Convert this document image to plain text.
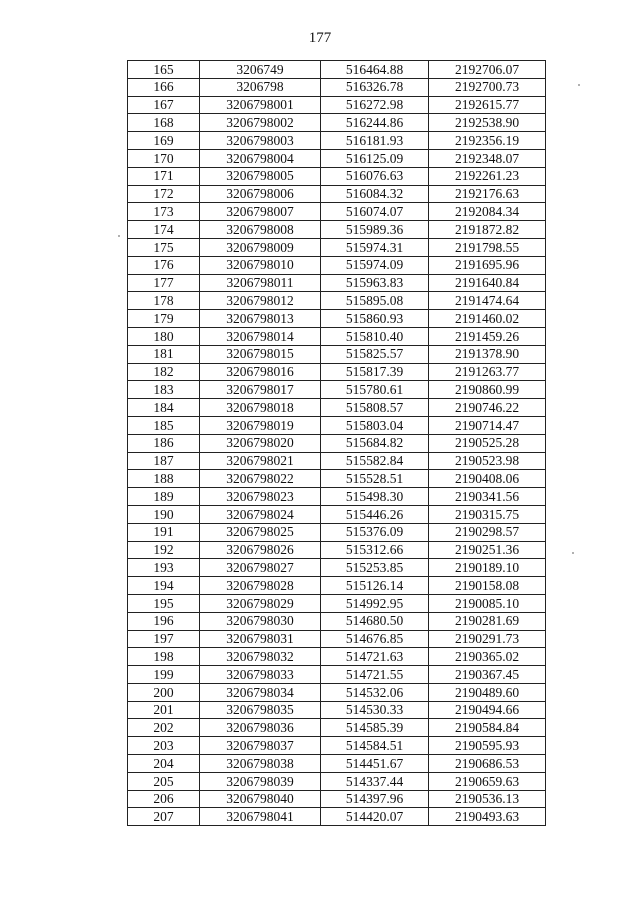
177
165	3206749	516464.88	2192706.07
166	3206798	516326.78	2192700.73
167	3206798001	516272.98	2192615.77
168	3206798002	516244.86	2192538.90
169	3206798003	516181.93	2192356.19
170	3206798004	516125.09	2192348.07
171	3206798005	516076.63	2192261.23
172	3206798006	516084.32	2192176.63
173	3206798007	516074.07	2192084.34
174	3206798008	515989.36	2191872.82
175	3206798009	515974.31	2191798.55
176	3206798010	515974.09	2191695.96
177	3206798011	515963.83	2191640.84
178	3206798012	515895.08	2191474.64
179	3206798013	515860.93	2191460.02
180	3206798014	515810.40	2191459.26
181	3206798015	515825.57	2191378.90
182	3206798016	515817.39	2191263.77
183	3206798017	515780.61	2190860.99
184	3206798018	515808.57	2190746.22
185	3206798019	515803.04	2190714.47
186	3206798020	515684.82	2190525.28
187	3206798021	515582.84	2190523.98
188	3206798022	515528.51	2190408.06
189	3206798023	515498.30	2190341.56
190	3206798024	515446.26	2190315.75
191	3206798025	515376.09	2190298.57
192	3206798026	515312.66	2190251.36
193	3206798027	515253.85	2190189.10
194	3206798028	515126.14	2190158.08
195	3206798029	514992.95	2190085.10
196	3206798030	514680.50	2190281.69
197	3206798031	514676.85	2190291.73
198	3206798032	514721.63	2190365.02
199	3206798033	514721.55	2190367.45
200	3206798034	514532.06	2190489.60
201	3206798035	514530.33	2190494.66
202	3206798036	514585.39	2190584.84
203	3206798037	514584.51	2190595.93
204	3206798038	514451.67	2190686.53
205	3206798039	514337.44	2190659.63
206	3206798040	514397.96	2190536.13
207	3206798041	514420.07	2190493.63
